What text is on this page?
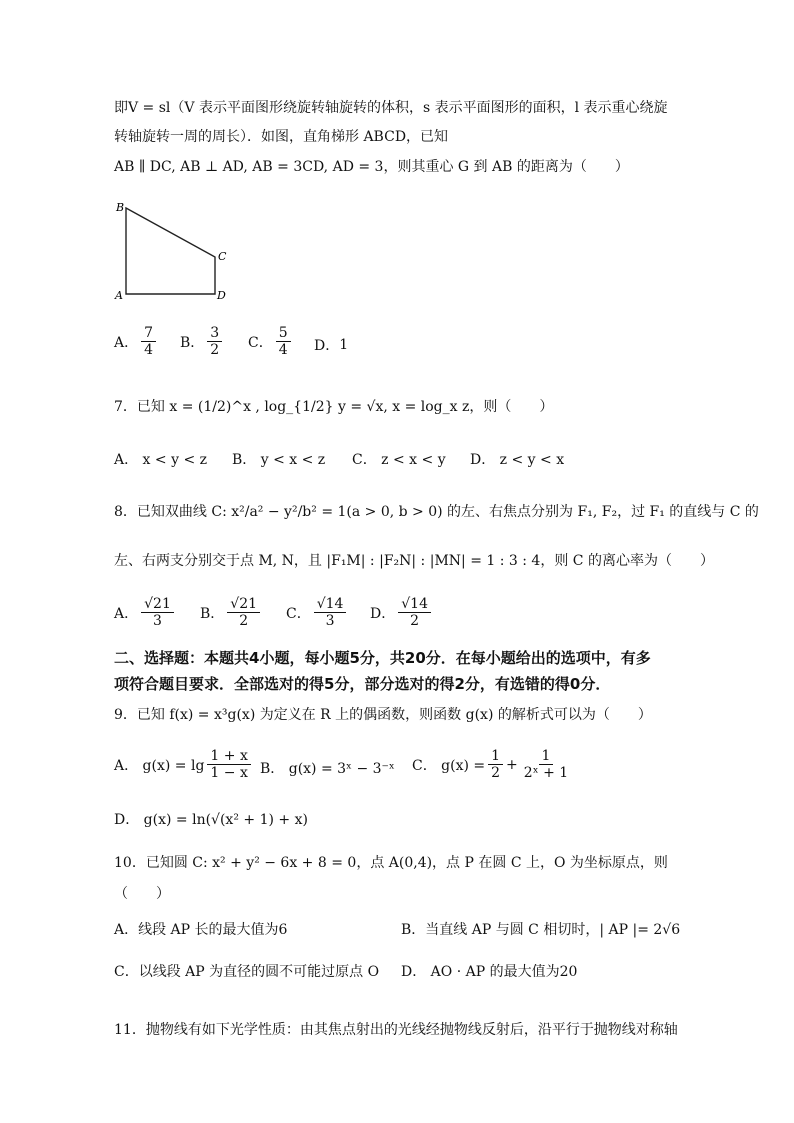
即V = sl（V 表示平面图形绕旋转轴旋转的体积，s 表示平面图形的面积，l 表示重心绕旋
转轴旋转一周的周长）．如图，直角梯形 ABCD，已知
AB ∥ DC, AB ⊥ AD, AB = 3CD, AD = 3，则其重心 G 到 AB 的距离为（　　）
B
C
A	D
A． $\frac{7}{4}$ B． $\frac{3}{2}$ C． $\frac{5}{4}$ D． 1
7．已知 x = (1/2)^x , log_{1/2} y = √x, x = log_x z，则（　　）
A． x < y < z B． y < x < z C． z < x < y D． z < y < x
8．已知双曲线 C: x²/a² − y²/b² = 1(a > 0, b > 0) 的左、右焦点分别为 F₁, F₂，过 F₁ 的直线与 C 的
左、右两支分别交于点 M, N，且 |F₁M| : |F₂N| : |MN| = 1 : 3 : 4，则 C 的离心率为（　　）
A． $\frac{√21}{3}$ B． $\frac{√21}{2}$ C． $\frac{√14}{3}$ D． $\frac{√14}{2}$
二、选择题：本题共4小题，每小题5分，共20分．在每小题给出的选项中，有多
项符合题目要求．全部选对的得5分，部分选对的得2分，有选错的得0分．
9．已知 f(x) = x³g(x) 为定义在 R 上的偶函数，则函数 g(x) 的解析式可以为（　　）
A． $g(x) = \lg \frac{1 + x}{1 - x}$ B． g(x) = 3ˣ − 3⁻ˣ C． $g(x) = \frac{1}{2} + \frac{1}{\text{2ˣ + 1}}$
D． g(x) = ln(√(x² + 1) + x)
10．已知圆 C: x² + y² − 6x + 8 = 0，点 A(0,4)，点 P 在圆 C 上，O 为坐标原点，则
（　　）
A．线段 AP 长的最大值为6	B．当直线 AP 与圆 C 相切时，| AP |= 2√6
C．以线段 AP 为直径的圆不可能过原点 O D． AO · AP 的最大值为20
11．抛物线有如下光学性质：由其焦点射出的光线经抛物线反射后，沿平行于抛物线对称轴
